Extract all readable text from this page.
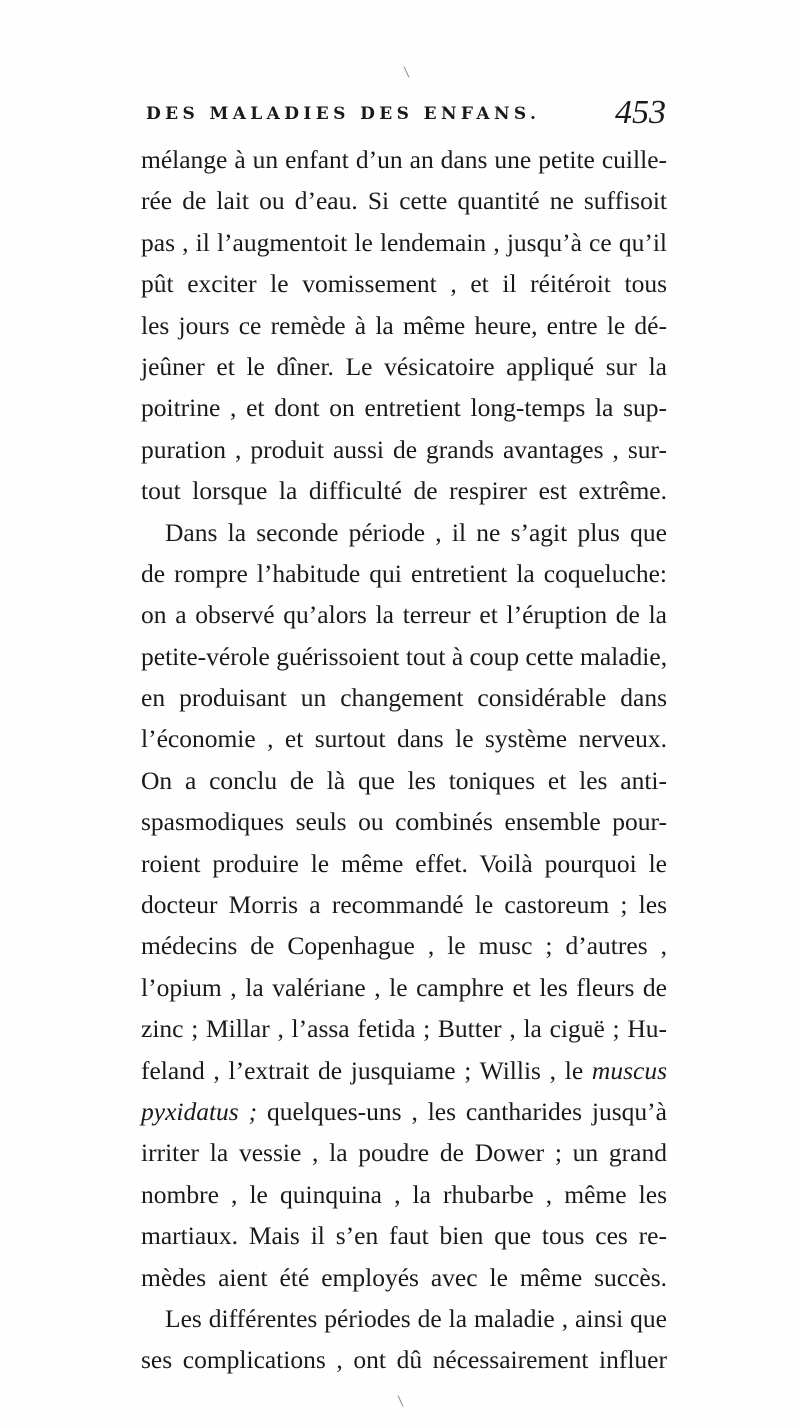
DES MALADIES DES ENFANS. 453
mélange à un enfant d’un an dans une petite cuille-
rée de lait ou d’eau. Si cette quantité ne suffisoit
pas , il l’augmentoit le lendemain , jusqu’à ce qu’il
pût exciter le vomissement , et il réitéroit tous
les jours ce remède à la même heure, entre le dé-
jeûner et le dîner. Le vésicatoire appliqué sur la
poitrine , et dont on entretient long-temps la sup-
puration , produit aussi de grands avantages , sur-
tout lorsque la difficulté de respirer est extrême.
Dans la seconde période , il ne s’agit plus que
de rompre l’habitude qui entretient la coqueluche:
on a observé qu’alors la terreur et l’éruption de la
petite-vérole guérissoient tout à coup cette maladie,
en produisant un changement considérable dans
l’économie , et surtout dans le système nerveux.
On a conclu de là que les toniques et les anti-
spasmodiques seuls ou combinés ensemble pour-
roient produire le même effet. Voilà pourquoi le
docteur Morris a recommandé le castoreum ; les
médecins de Copenhague , le musc ; d’autres ,
l’opium , la valériane , le camphre et les fleurs de
zinc ; Millar , l’assa fetida ; Butter , la ciguë ; Hu-
feland , l’extrait de jusquiame ; Willis , le muscus
pyxidatus ; quelques-uns , les cantharides jusqu’à
irriter la vessie , la poudre de Dower ; un grand
nombre , le quinquina , la rhubarbe , même les
martiaux. Mais il s’en faut bien que tous ces re-
mèdes aient été employés avec le même succès.
Les différentes périodes de la maladie , ainsi que
ses complications , ont dû nécessairement influer
